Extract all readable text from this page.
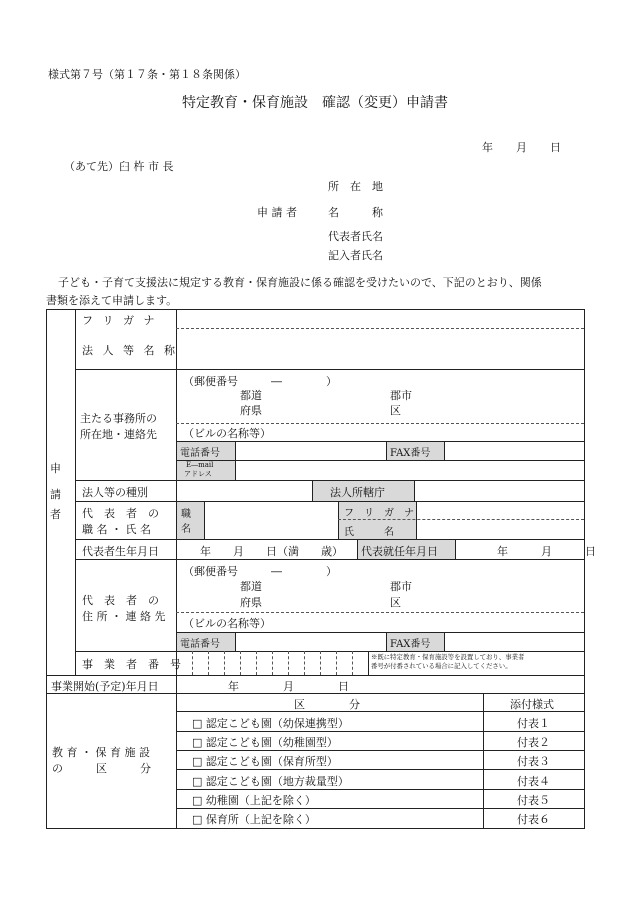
様式第７号（第１７条・第１８条関係）
特定教育・保育施設　確認（変更）申請書
年 月 日
（あて先）臼 杵 市 長
所　在　地
申 請 者	名　　　称
代表者氏名
記入者氏名
子ども・子育て支援法に規定する教育・保育施設に係る確認を受けたいので、下記のとおり、関係
書類を添えて申請します。
申
請
者
フ リ ガ ナ
法 人 等 名 称
主たる事務所の
所在地・連絡先
（郵便番号　　　―　　　　）
都道
府県
郡市
区
（ビルの名称等）
電話番号	FAX番号
E―mail
アドレス
法人等の種別	法人所轄庁
代　表　者　の
職 名 ・ 氏 名
職
名
フ　リ　ガ　ナ
氏　　　名
代表者生年月日	年　　月　　日（満　　歳） 代表就任年月日	年　　　月　　　日
代　表　者　の
住 所 ・ 連 絡 先
（郵便番号　　　―　　　　）
都道
府県
郡市
区
（ビルの名称等）
電話番号	FAX番号
事　業　者　番　号
※既に特定教育・保育施設等を設置しており、事業者
番号が付番されている場合に記入してください。
事業開始(予定)年月日	年　　　　月　　　　日
教 育 ・ 保 育 施 設
の　　　区　　　分
区　　　　分	添付様式
□ 認定こども園（幼保連携型）	付表１
□ 認定こども園（幼稚園型）	付表２
□ 認定こども園（保育所型）	付表３
□ 認定こども園（地方裁量型）	付表４
□ 幼稚園（上記を除く）	付表５
□ 保育所（上記を除く）	付表６
